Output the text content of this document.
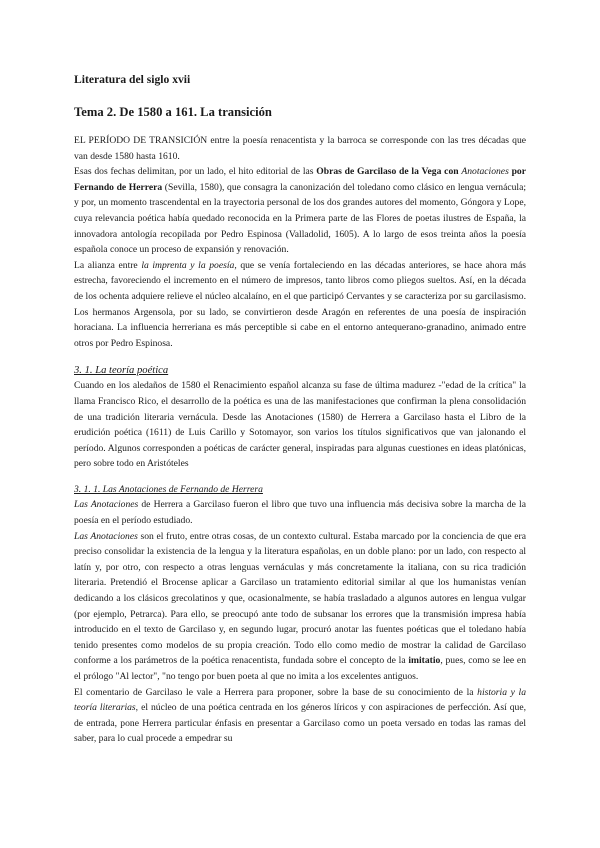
Literatura del siglo xvii
Tema 2. De 1580 a 161. La transición

EL PERÍODO DE TRANSICIÓN entre la poesía renacentista y la barroca se corresponde con las tres décadas que van desde 1580 hasta 1610.

Esas dos fechas delimitan, por un lado, el hito editorial de las Obras de Garcilaso de la Vega con Anotaciones por Fernando de Herrera (Sevilla, 1580), que consagra la canonización del toledano como clásico en lengua vernácula; y por, un momento trascendental en la trayectoria personal de los dos grandes autores del momento, Góngora y Lope, cuya relevancia poética había quedado reconocida en la Primera parte de las Flores de poetas ilustres de España, la innovadora antología recopilada por Pedro Espinosa (Valladolid, 1605). A lo largo de esos treinta años la poesía española conoce un proceso de expansión y renovación.

La alianza entre la imprenta y la poesía, que se venía fortaleciendo en las décadas anteriores, se hace ahora más estrecha, favoreciendo el incremento en el número de impresos, tanto libros como pliegos sueltos. Así, en la década de los ochenta adquiere relieve el núcleo alcalaíno, en el que participó Cervantes y se caracteriza por su garcilasismo. Los hermanos Argensola, por su lado, se convirtieron desde Aragón en referentes de una poesía de inspiración horaciana. La influencia herreriana es más perceptible si cabe en el entorno antequerano-granadino, animado entre otros por Pedro Espinosa.

3. 1. La teoría poética

Cuando en los aledaños de 1580 el Renacimiento español alcanza su fase de última madurez -"edad de la crítica" la llama Francisco Rico, el desarrollo de la poética es una de las manifestaciones que confirman la plena consolidación de una tradición literaria vernácula. Desde las Anotaciones (1580) de Herrera a Garcilaso hasta el Libro de la erudición poética (1611) de Luis Carillo y Sotomayor, son varios los títulos significativos que van jalonando el período. Algunos corresponden a poéticas de carácter general, inspiradas para algunas cuestiones en ideas platónicas, pero sobre todo en Aristóteles

3. 1. 1. Las Anotaciones de Fernando de Herrera

Las Anotaciones de Herrera a Garcilaso fueron el libro que tuvo una influencia más decisiva sobre la marcha de la poesía en el período estudiado.

Las Anotaciones son el fruto, entre otras cosas, de un contexto cultural. Estaba marcado por la conciencia de que era preciso consolidar la existencia de la lengua y la literatura españolas, en un doble plano: por un lado, con respecto al latín y, por otro, con respecto a otras lenguas vernáculas y más concretamente la italiana, con su rica tradición literaria. Pretendió el Brocense aplicar a Garcilaso un tratamiento editorial similar al que los humanistas venían dedicando a los clásicos grecolatinos y que, ocasionalmente, se había trasladado a algunos autores en lengua vulgar (por ejemplo, Petrarca). Para ello, se preocupó ante todo de subsanar los errores que la transmisión impresa había introducido en el texto de Garcilaso y, en segundo lugar, procuró anotar las fuentes poéticas que el toledano había tenido presentes como modelos de su propia creación. Todo ello como medio de mostrar la calidad de Garcilaso conforme a los parámetros de la poética renacentista, fundada sobre el concepto de la imitatio, pues, como se lee en el prólogo "Al lector", "no tengo por buen poeta al que no imita a los excelentes antiguos.

El comentario de Garcilaso le vale a Herrera para proponer, sobre la base de su conocimiento de la historia y la teoría literarias, el núcleo de una poética centrada en los géneros líricos y con aspiraciones de perfección. Así que, de entrada, pone Herrera particular énfasis en presentar a Garcilaso como un poeta versado en todas las ramas del saber, para lo cual procede a empedrar su
